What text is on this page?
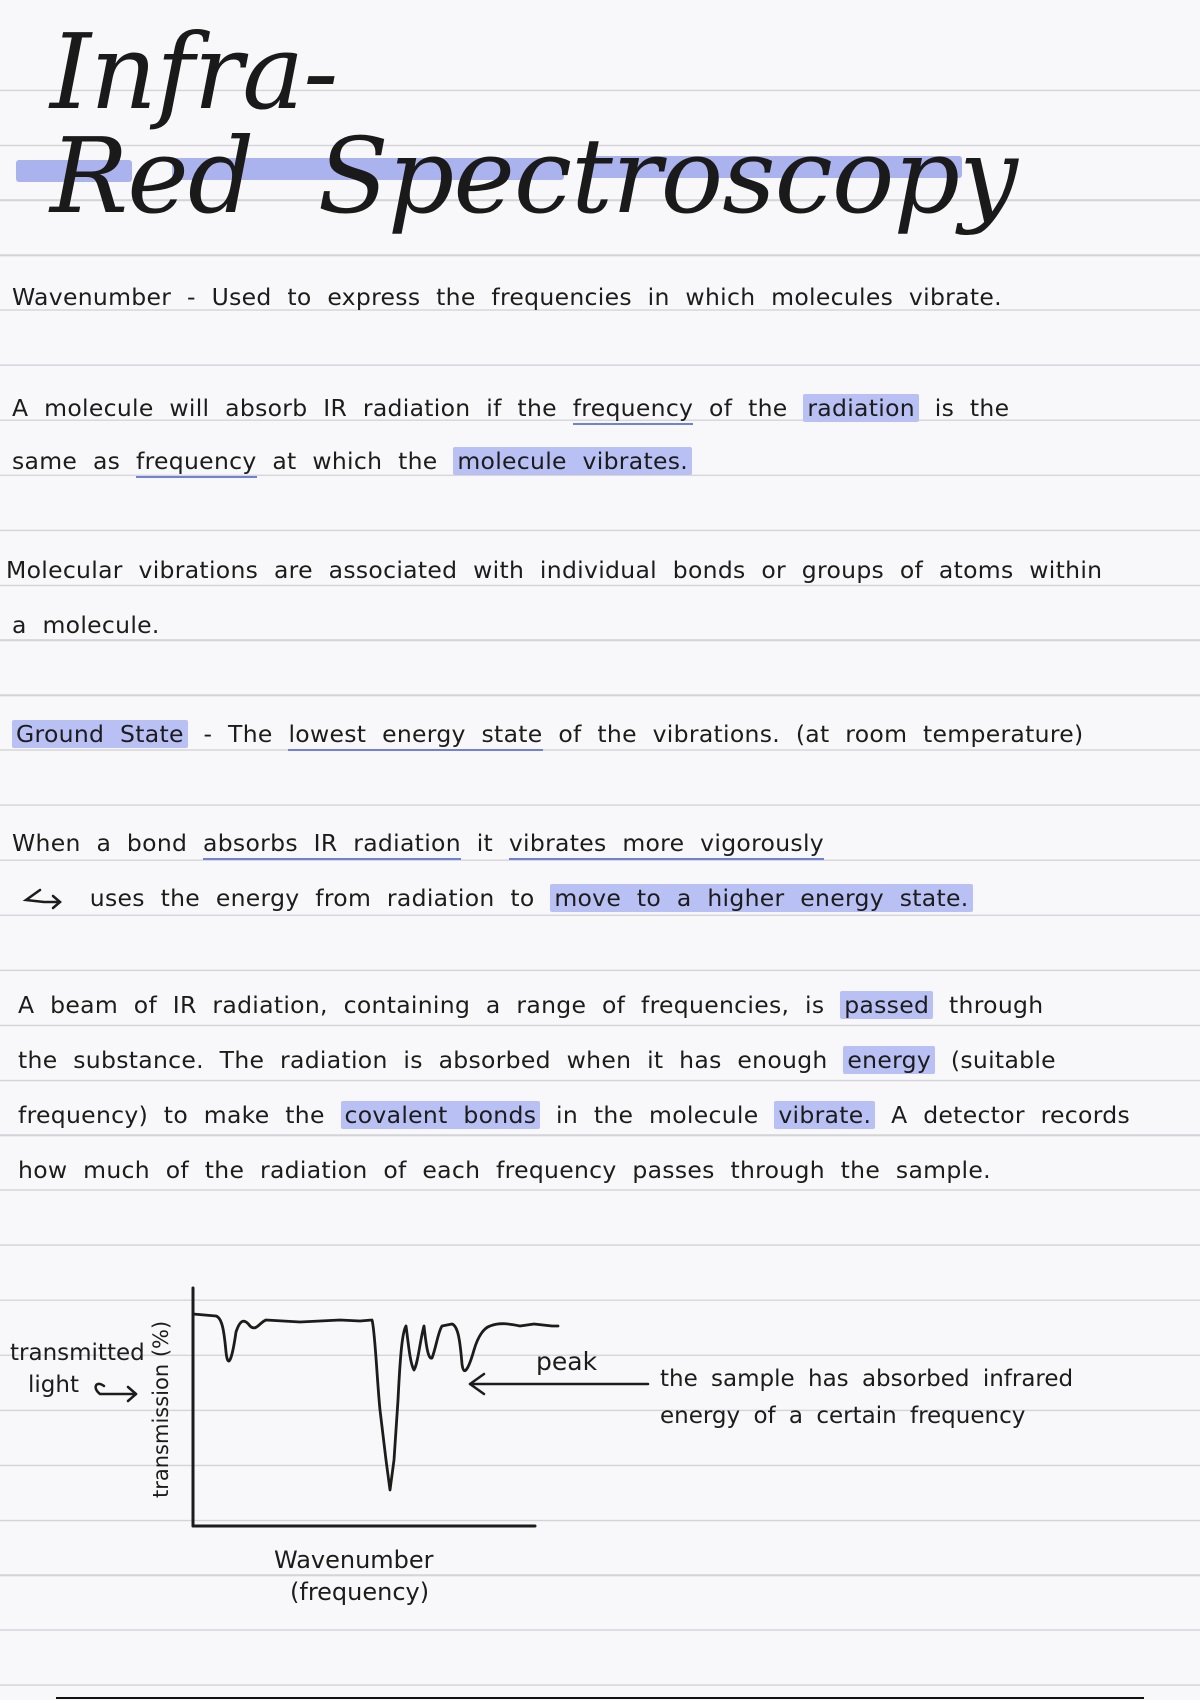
Infra-Red Spectroscopy
Wavenumber - Used to express the frequencies in which molecules vibrate.
A molecule will absorb IR radiation if the frequency of the radiation is the
same as frequency at which the molecule vibrates.
Molecular vibrations are associated with individual bonds or groups of atoms within
a molecule.
Ground State - The lowest energy state of the vibrations. (at room temperature)
When a bond absorbs IR radiation it vibrates more vigorously
uses the energy from radiation to move to a higher energy state.
A beam of IR radiation, containing a range of frequencies, is passed through
the substance. The radiation is absorbed when it has enough energy (suitable
frequency) to make the covalent bonds in the molecule vibrate. A detector records
how much of the radiation of each frequency passes through the sample.
transmitted
light	transmission (%)	peak
Wavenumber
(frequency)
the sample has absorbed infrared
energy of a certain frequency
